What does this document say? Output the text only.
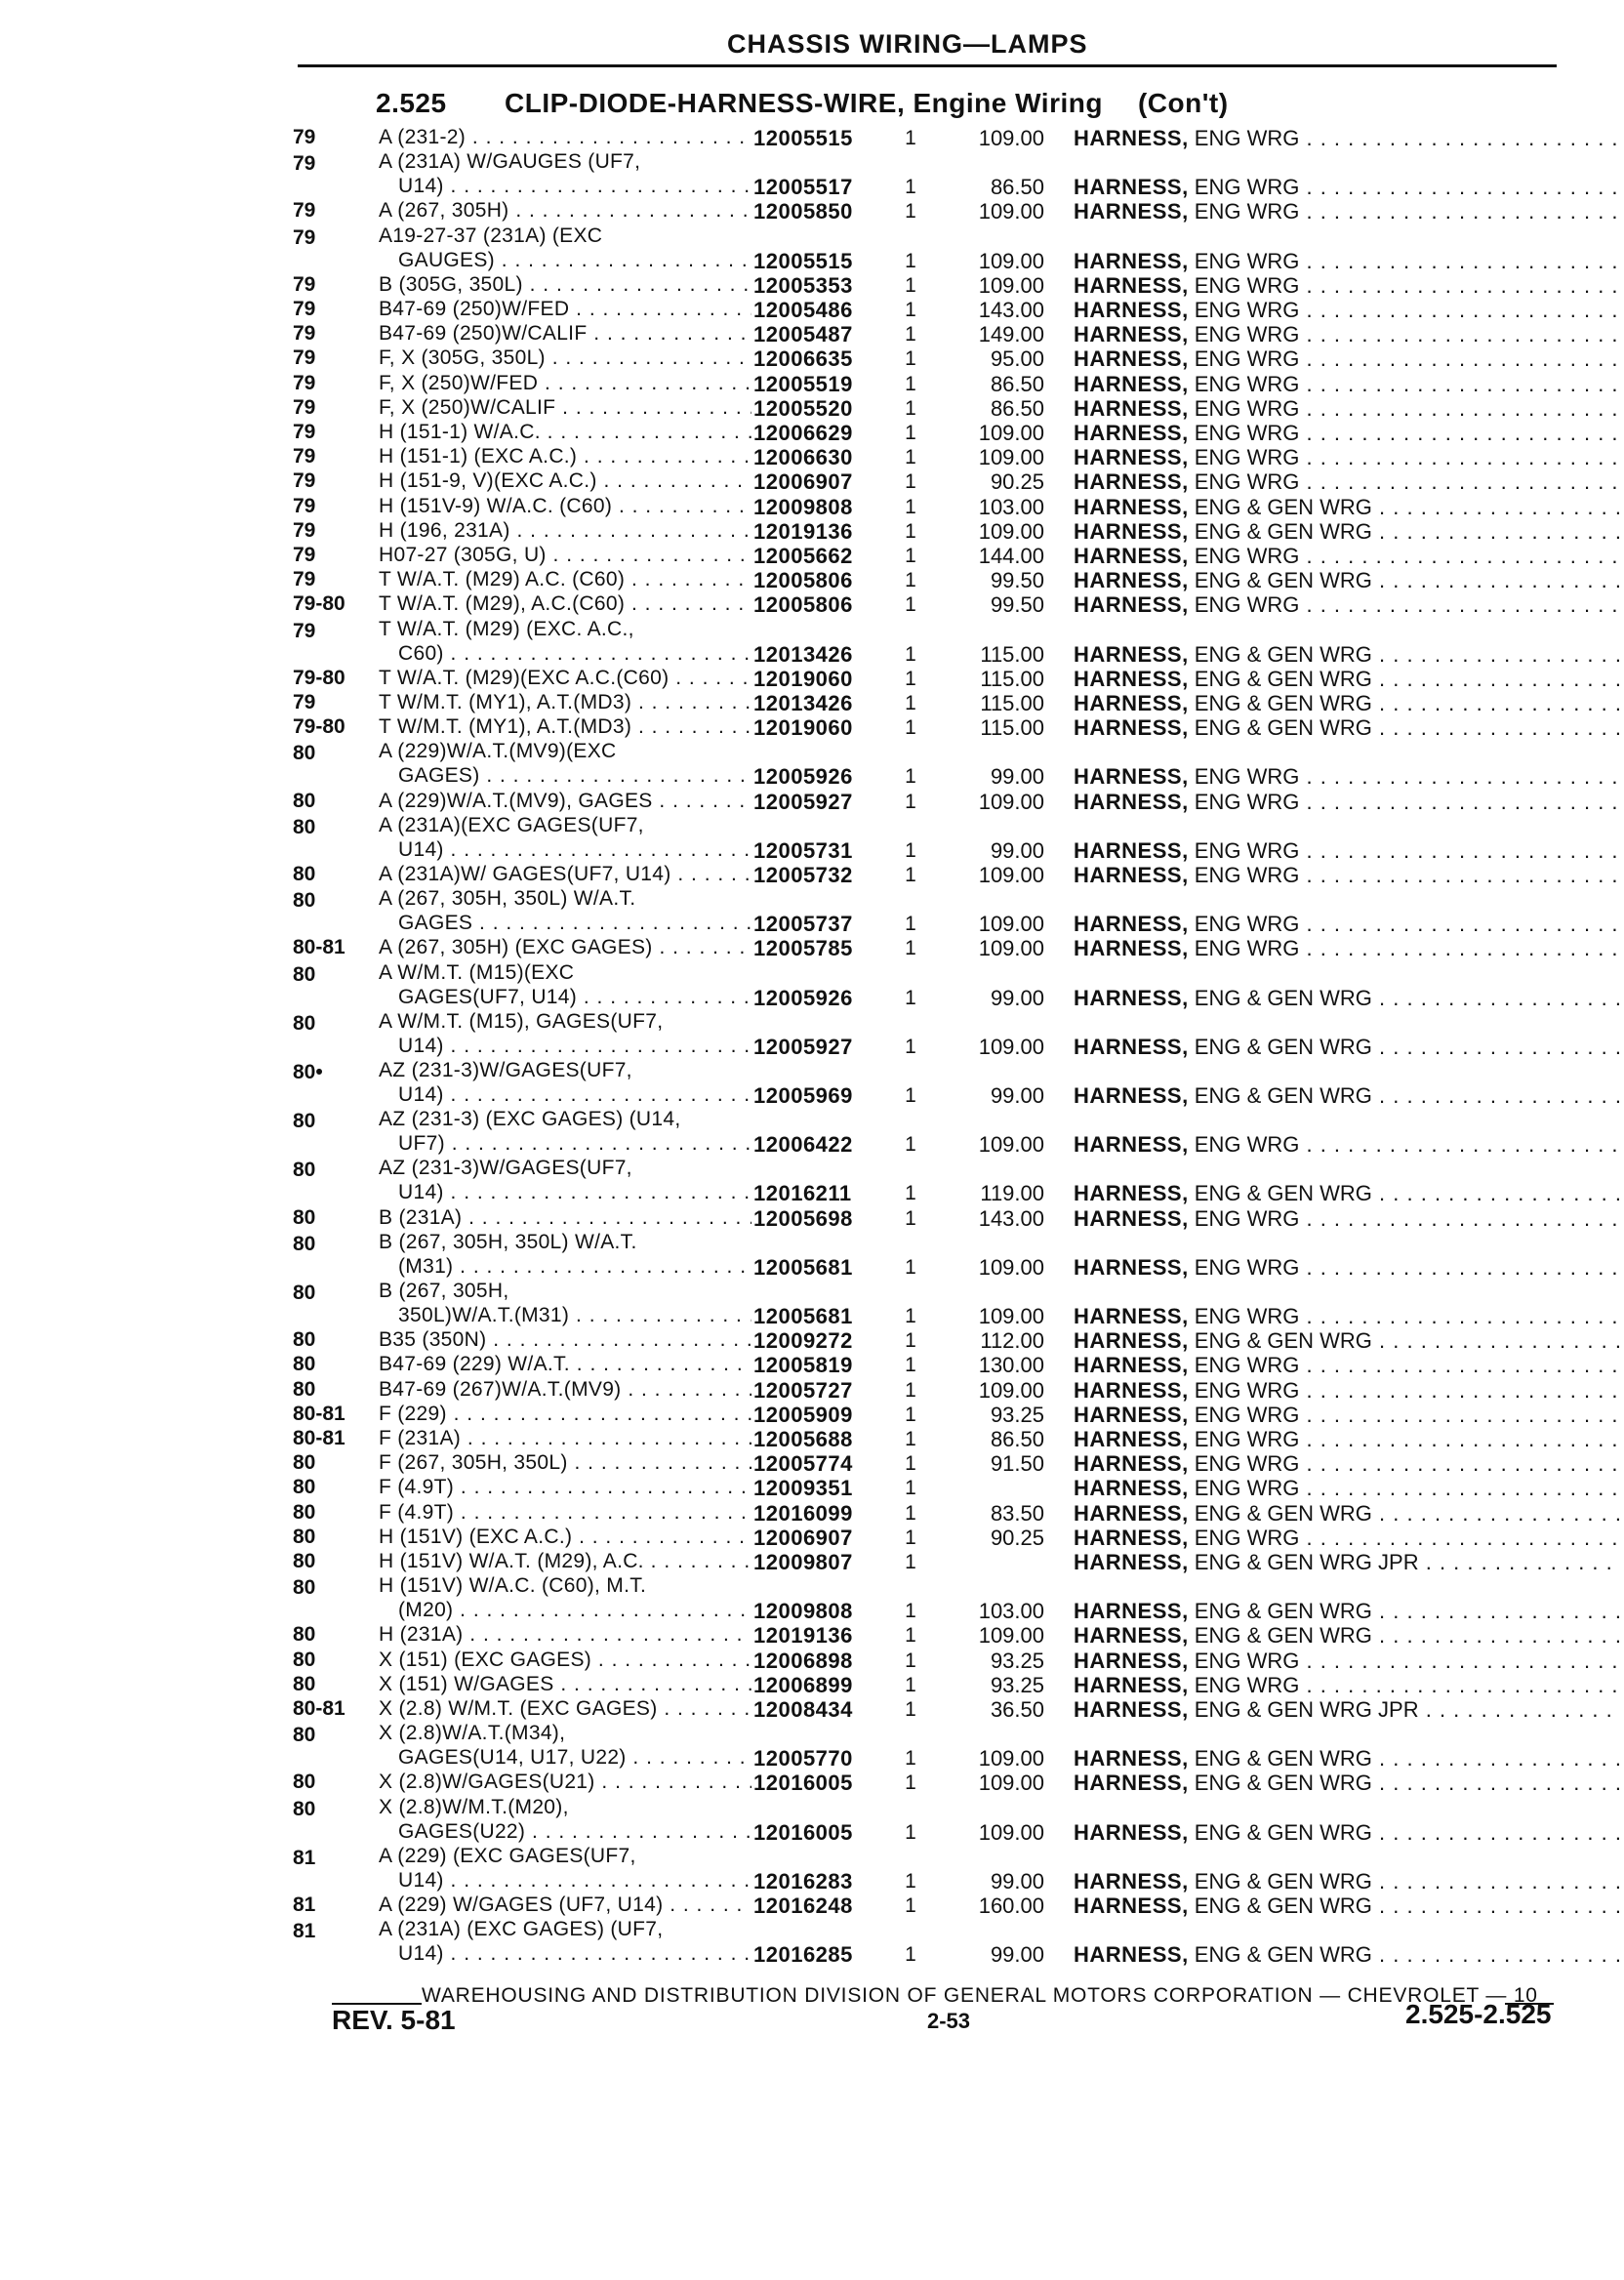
CHASSIS WIRING—LAMPS
2.525 CLIP-DIODE-HARNESS-WIRE, Engine Wiring (Con't)
79	A (231-2) . . .	12005515	1	109.00 HARNESS, ENG WRG . . .
79	A (231A) W/GAUGES (UF7,
U14) . . .	12005517	1	86.50 HARNESS, ENG WRG . . .
79	A (267, 305H) . . .	12005850	1	109.00 HARNESS, ENG WRG . . .
79	A19-27-37 (231A) (EXC
GAUGES) . . .	12005515	1	109.00 HARNESS, ENG WRG . . .
79	B (305G, 350L) . . .	12005353	1	109.00 HARNESS, ENG WRG . . .
79	B47-69 (250)W/FED . . .	12005486	1	143.00 HARNESS, ENG WRG . . .
79	B47-69 (250)W/CALIF . . .	12005487	1	149.00 HARNESS, ENG WRG . . .
79	F, X (305G, 350L) . . .	12006635	1	95.00 HARNESS, ENG WRG . . .
79	F, X (250)W/FED . . .	12005519	1	86.50 HARNESS, ENG WRG . . .
79	F, X (250)W/CALIF . . .	12005520	1	86.50 HARNESS, ENG WRG . . .
79	H (151-1) W/A.C. . . .	12006629	1	109.00 HARNESS, ENG WRG . . .
79	H (151-1) (EXC A.C.) . . .	12006630	1	109.00 HARNESS, ENG WRG . . .
79	H (151-9, V)(EXC A.C.) . . .	12006907	1	90.25 HARNESS, ENG WRG . . .
79	H (151V-9) W/A.C. (C60) . . .	12009808	1	103.00 HARNESS, ENG & GEN WRG . . .
79	H (196, 231A) . . .	12019136	1	109.00 HARNESS, ENG & GEN WRG . . .
79	H07-27 (305G, U) . . .	12005662	1	144.00 HARNESS, ENG WRG . . .
79	T W/A.T. (M29) A.C. (C60) . . .	12005806	1	99.50 HARNESS, ENG & GEN WRG . . .
79-80	T W/A.T. (M29), A.C.(C60) . . .	12005806	1	99.50 HARNESS, ENG WRG . . .
79	T W/A.T. (M29) (EXC. A.C.,
C60) . . .	12013426	1	115.00 HARNESS, ENG & GEN WRG . . .
79-80	T W/A.T. (M29)(EXC A.C.(C60) . . .	12019060	1	115.00 HARNESS, ENG & GEN WRG . . .
79	T W/M.T. (MY1), A.T.(MD3) . . .	12013426	1	115.00 HARNESS, ENG & GEN WRG . . .
79-80	T W/M.T. (MY1), A.T.(MD3) . . .	12019060	1	115.00 HARNESS, ENG & GEN WRG . . .
80	A (229)W/A.T.(MV9)(EXC
GAGES) . . .	12005926	1	99.00 HARNESS, ENG WRG . . .
80	A (229)W/A.T.(MV9), GAGES . . .	12005927	1	109.00 HARNESS, ENG WRG . . .
80	A (231A)(EXC GAGES(UF7,
U14) . . .	12005731	1	99.00 HARNESS, ENG WRG . . .
80	A (231A)W/ GAGES(UF7, U14) . . .	12005732	1	109.00 HARNESS, ENG WRG . . .
80	A (267, 305H, 350L) W/A.T.
GAGES . . .	12005737	1	109.00 HARNESS, ENG WRG . . .
80-81	A (267, 305H) (EXC GAGES) . . .	12005785	1	109.00 HARNESS, ENG WRG . . .
80	A W/M.T. (M15)(EXC
GAGES(UF7, U14) . . .	12005926	1	99.00 HARNESS, ENG & GEN WRG . . .
80	A W/M.T. (M15), GAGES(UF7,
U14) . . .	12005927	1	109.00 HARNESS, ENG & GEN WRG . . .
80•	AZ (231-3)W/GAGES(UF7,
U14) . . .	12005969	1	99.00 HARNESS, ENG & GEN WRG . . .
80	AZ (231-3) (EXC GAGES) (U14,
UF7) . . .	12006422	1	109.00 HARNESS, ENG WRG . . .
80	AZ (231-3)W/GAGES(UF7,
U14) . . .	12016211	1	119.00 HARNESS, ENG & GEN WRG . . .
80	B (231A) . . .	12005698	1	143.00 HARNESS, ENG WRG . . .
80	B (267, 305H, 350L) W/A.T.
(M31) . . .	12005681	1	109.00 HARNESS, ENG WRG . . .
80	B (267, 305H,
350L)W/A.T.(M31) . . .	12005681	1	109.00 HARNESS, ENG WRG . . .
80	B35 (350N) . . .	12009272	1	112.00 HARNESS, ENG & GEN WRG . . .
80	B47-69 (229) W/A.T. . . .	12005819	1	130.00 HARNESS, ENG WRG . . .
80	B47-69 (267)W/A.T.(MV9) . . .	12005727	1	109.00 HARNESS, ENG WRG . . .
80-81	F (229) . . .	12005909	1	93.25 HARNESS, ENG WRG . . .
80-81	F (231A) . . .	12005688	1	86.50 HARNESS, ENG WRG . . .
80	F (267, 305H, 350L) . . .	12005774	1	91.50 HARNESS, ENG WRG . . .
80	F (4.9T) . . .	12009351	1	HARNESS, ENG WRG . . .
80	F (4.9T) . . .	12016099	1	83.50 HARNESS, ENG & GEN WRG . . .
80	H (151V) (EXC A.C.) . . .	12006907	1	90.25 HARNESS, ENG WRG . . .
80	H (151V) W/A.T. (M29), A.C. . . .	12009807	1	HARNESS, ENG & GEN WRG JPR . . .
80	H (151V) W/A.C. (C60), M.T.
(M20) . . .	12009808	1	103.00 HARNESS, ENG & GEN WRG . . .
80	H (231A) . . .	12019136	1	109.00 HARNESS, ENG & GEN WRG . . .
80	X (151) (EXC GAGES) . . .	12006898	1	93.25 HARNESS, ENG WRG . . .
80	X (151) W/GAGES . . .	12006899	1	93.25 HARNESS, ENG WRG . . .
80-81	X (2.8) W/M.T. (EXC GAGES) . . .	12008434	1	36.50 HARNESS, ENG & GEN WRG JPR . . .
80	X (2.8)W/A.T.(M34),
GAGES(U14, U17, U22) . . .	12005770	1	109.00 HARNESS, ENG & GEN WRG . . .
80	X (2.8)W/GAGES(U21) . . .	12016005	1	109.00 HARNESS, ENG & GEN WRG . . .
80	X (2.8)W/M.T.(M20),
GAGES(U22) . . .	12016005	1	109.00 HARNESS, ENG & GEN WRG . . .
81	A (229) (EXC GAGES(UF7,
U14) . . .	12016283	1	99.00 HARNESS, ENG & GEN WRG . . .
81	A (229) W/GAGES (UF7, U14) . . .	12016248	1	160.00 HARNESS, ENG & GEN WRG . . .
81	A (231A) (EXC GAGES) (UF7,
U14) . . .	12016285	1	99.00 HARNESS, ENG & GEN WRG . . .
WAREHOUSING AND DISTRIBUTION DIVISION OF GENERAL MOTORS CORPORATION — CHEVROLET — 10
REV. 5-81	2-53	2.525-2.525
